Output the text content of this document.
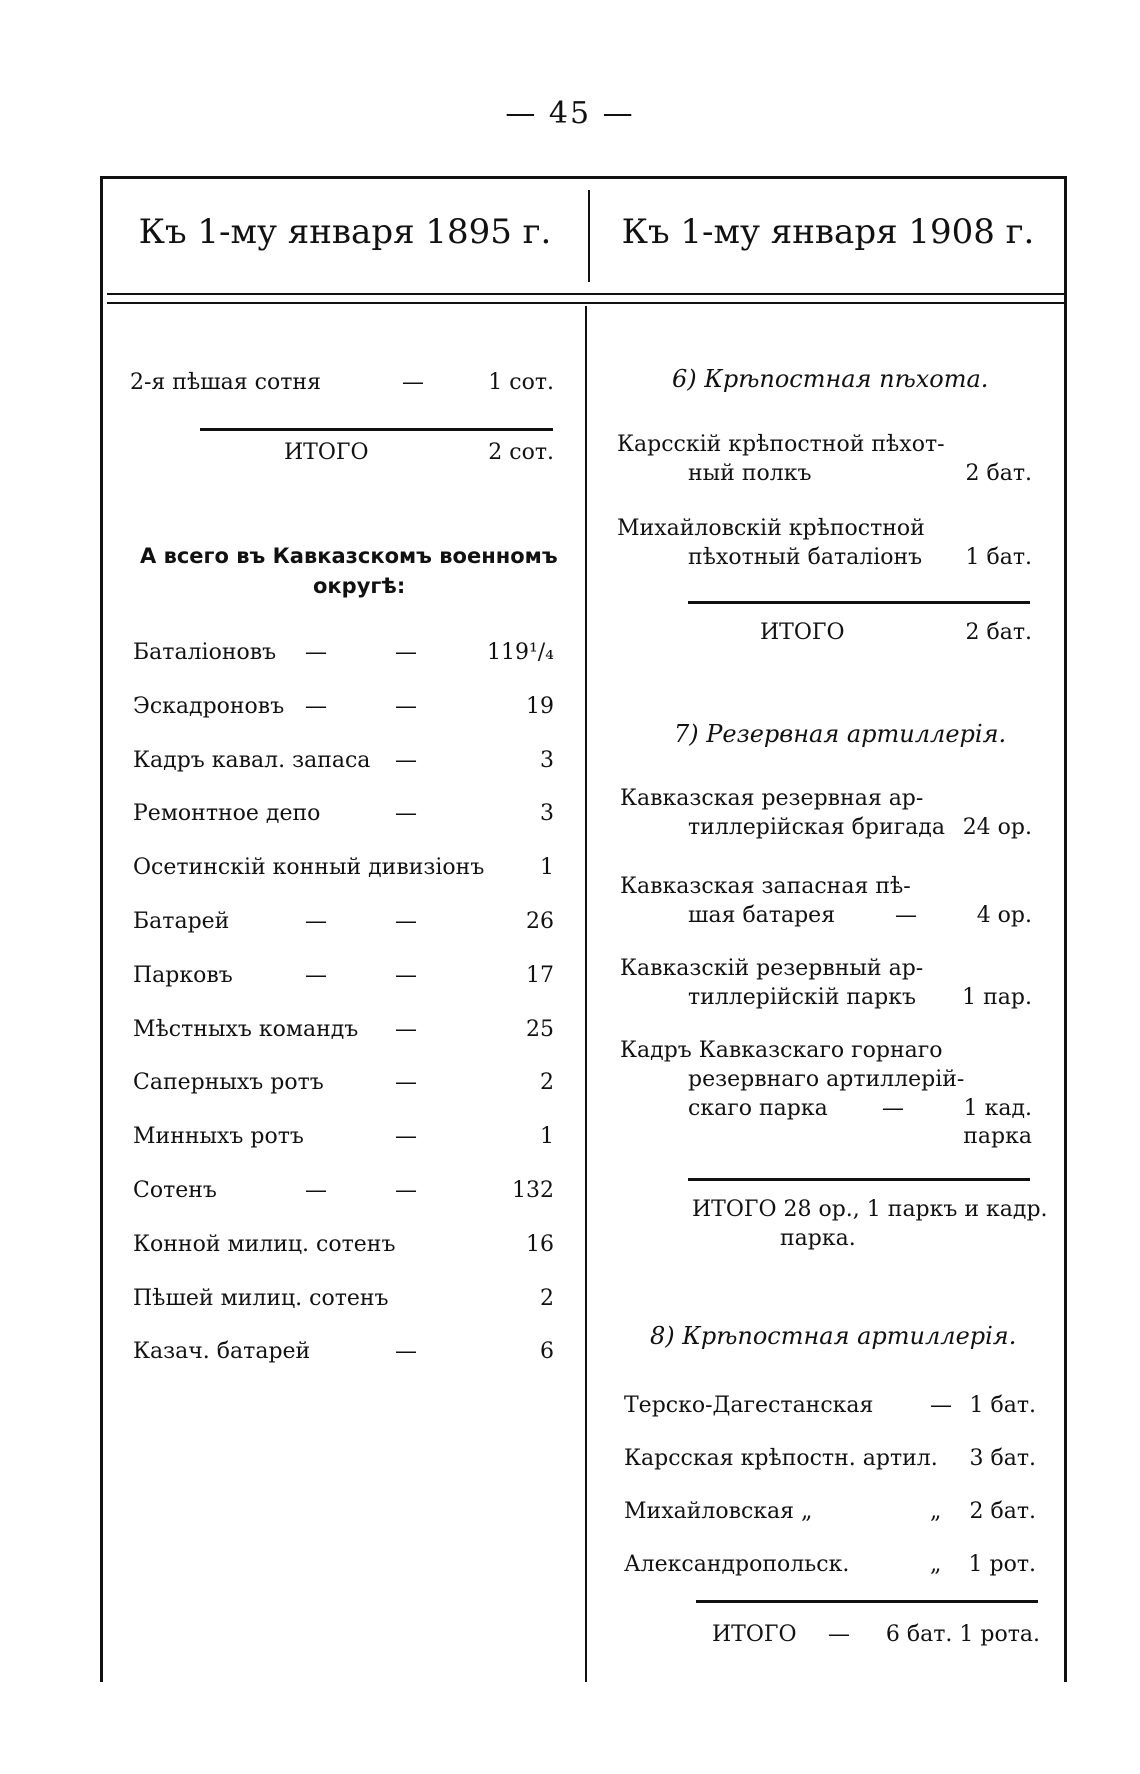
— 45 —
Къ 1-му января 1895 г.	Къ 1-му января 1908 г.
2-я пѣшая сотня	—	1 сот.
ИТОГО	2 сот.
А всего въ Кавказскомъ военномъ
округѣ:
Баталіоновъ —	—	119¹/₄
Эскадроновъ —	—	19
Кадръ кавал. запаса —	3
Ремонтное депо	—	3
Осетинскій конный дивизіонъ	1
Батарей	—	—	26
Парковъ	—	—	17
Мѣстныхъ командъ —	25
Саперныхъ ротъ	—	2
Минныхъ ротъ	—	1
Сотенъ	—	—	132
Конной милиц. сотенъ	16
Пѣшей милиц. сотенъ	2
Казач. батарей	—	6
6) Крѣпостная пѣхота.
Карсскій крѣпостной пѣхот-
ный полкъ	2 бат.
Михайловскій крѣпостной
пѣхотный баталіонъ 1 бат.
ИТОГО	2 бат.
7) Резервная артиллерія.
Кавказская резервная ар-
тиллерійская бригада 24 ор.
Кавказская запасная пѣ-
шая батарея	—	4 ор.
Кавказскій резервный ар-
тиллерійскій паркъ 1 пар.
Кадръ Кавказскаго горнаго
резервнаго артиллерій-
скаго парка —	1 кад.
парка
ИТОГО 28 ор., 1 паркъ и кадр.
парка.
8) Крѣпостная артиллерія.
Терско-Дагестанская	— 1 бат.
Карсская крѣпостн. артил. 3 бат.
Михайловская „	„ 2 бат.
Александропольск.	„ 1 рот.
ИТОГО — 6 бат. 1 рота.
